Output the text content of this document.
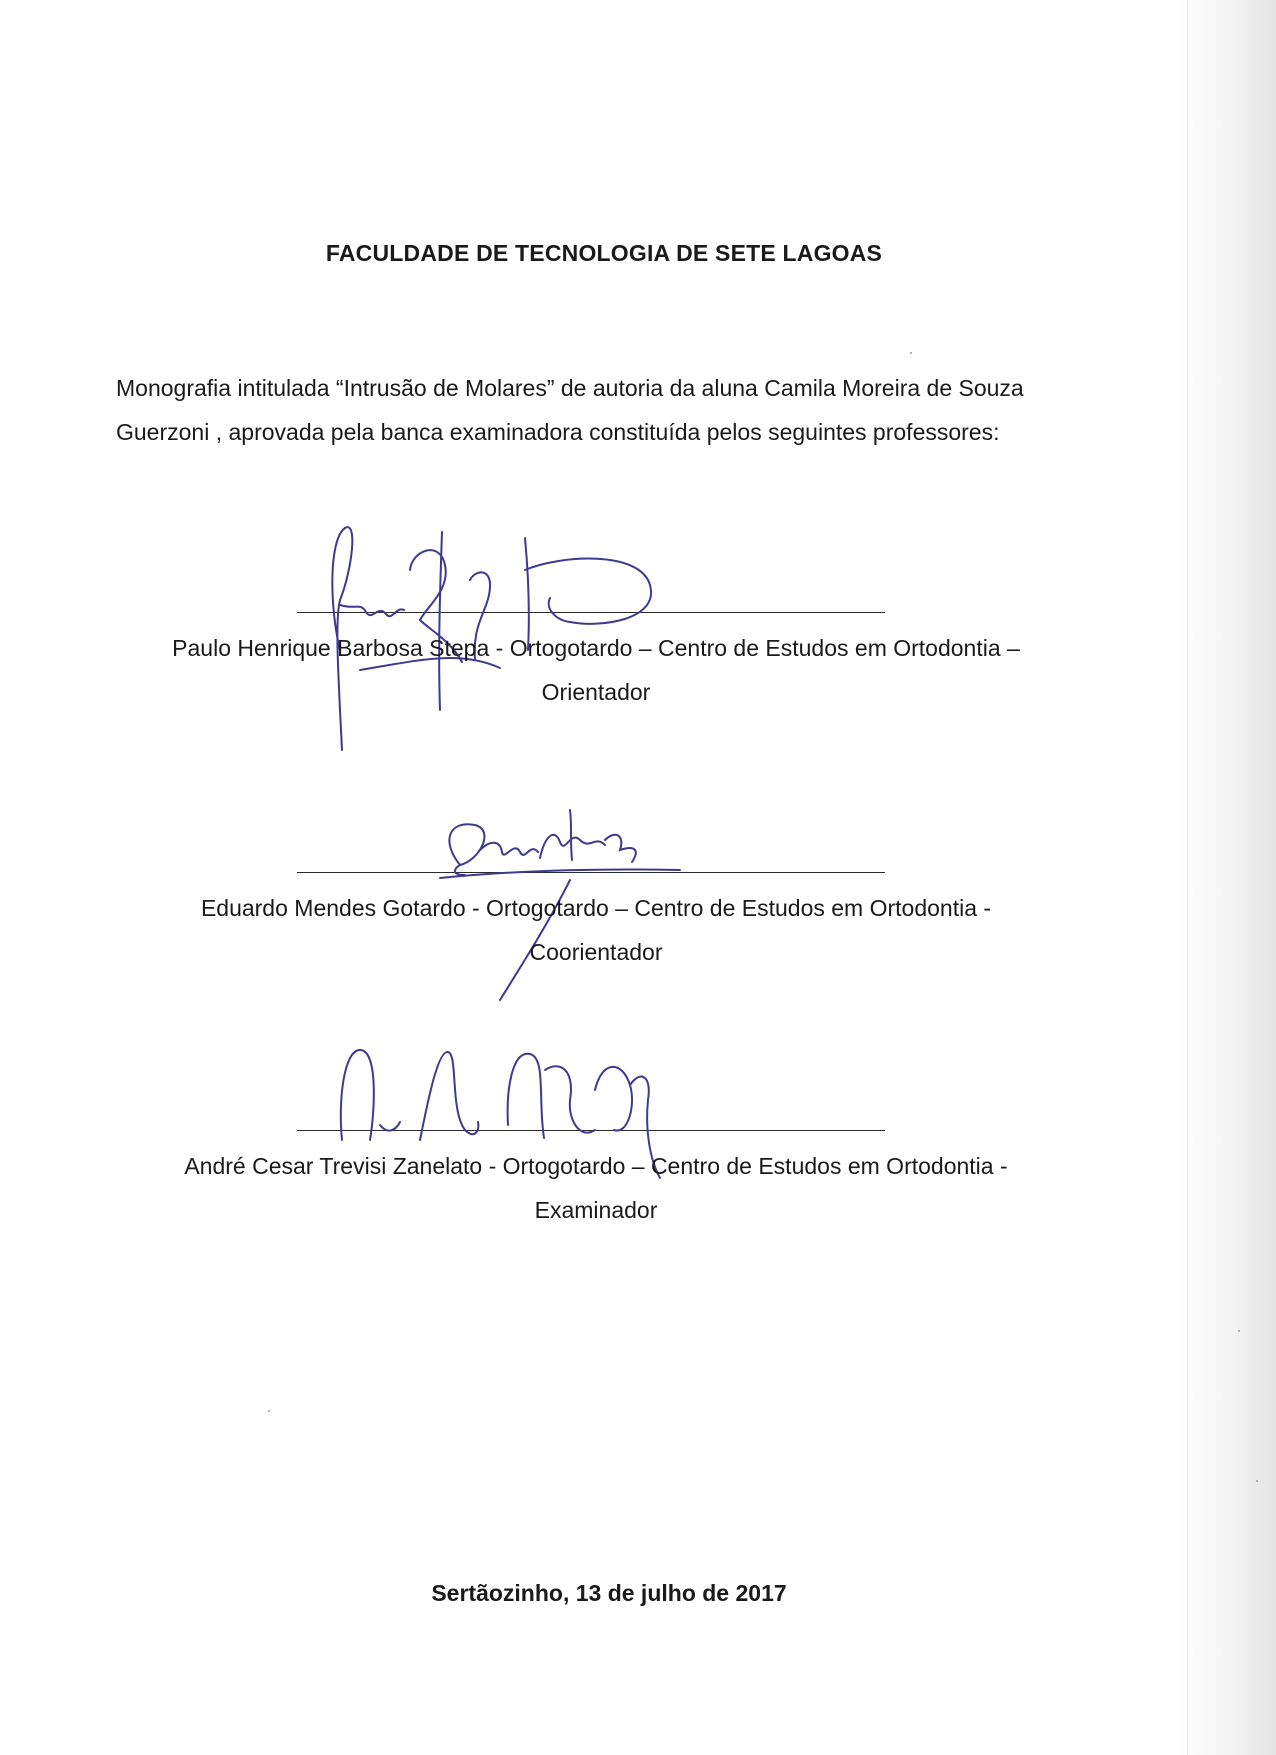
FACULDADE DE TECNOLOGIA DE SETE LAGOAS
Monografia intitulada “Intrusão de Molares” de autoria da aluna Camila Moreira de Souza Guerzoni , aprovada pela banca examinadora constituída pelos seguintes professores:
Paulo Henrique Barbosa Stepa - Ortogotardo – Centro de Estudos em Ortodontia –
Orientador
Eduardo Mendes Gotardo - Ortogotardo – Centro de Estudos em Ortodontia -
Coorientador
André Cesar Trevisi Zanelato - Ortogotardo – Centro de Estudos em Ortodontia -
Examinador
Sertãozinho, 13 de julho de 2017
